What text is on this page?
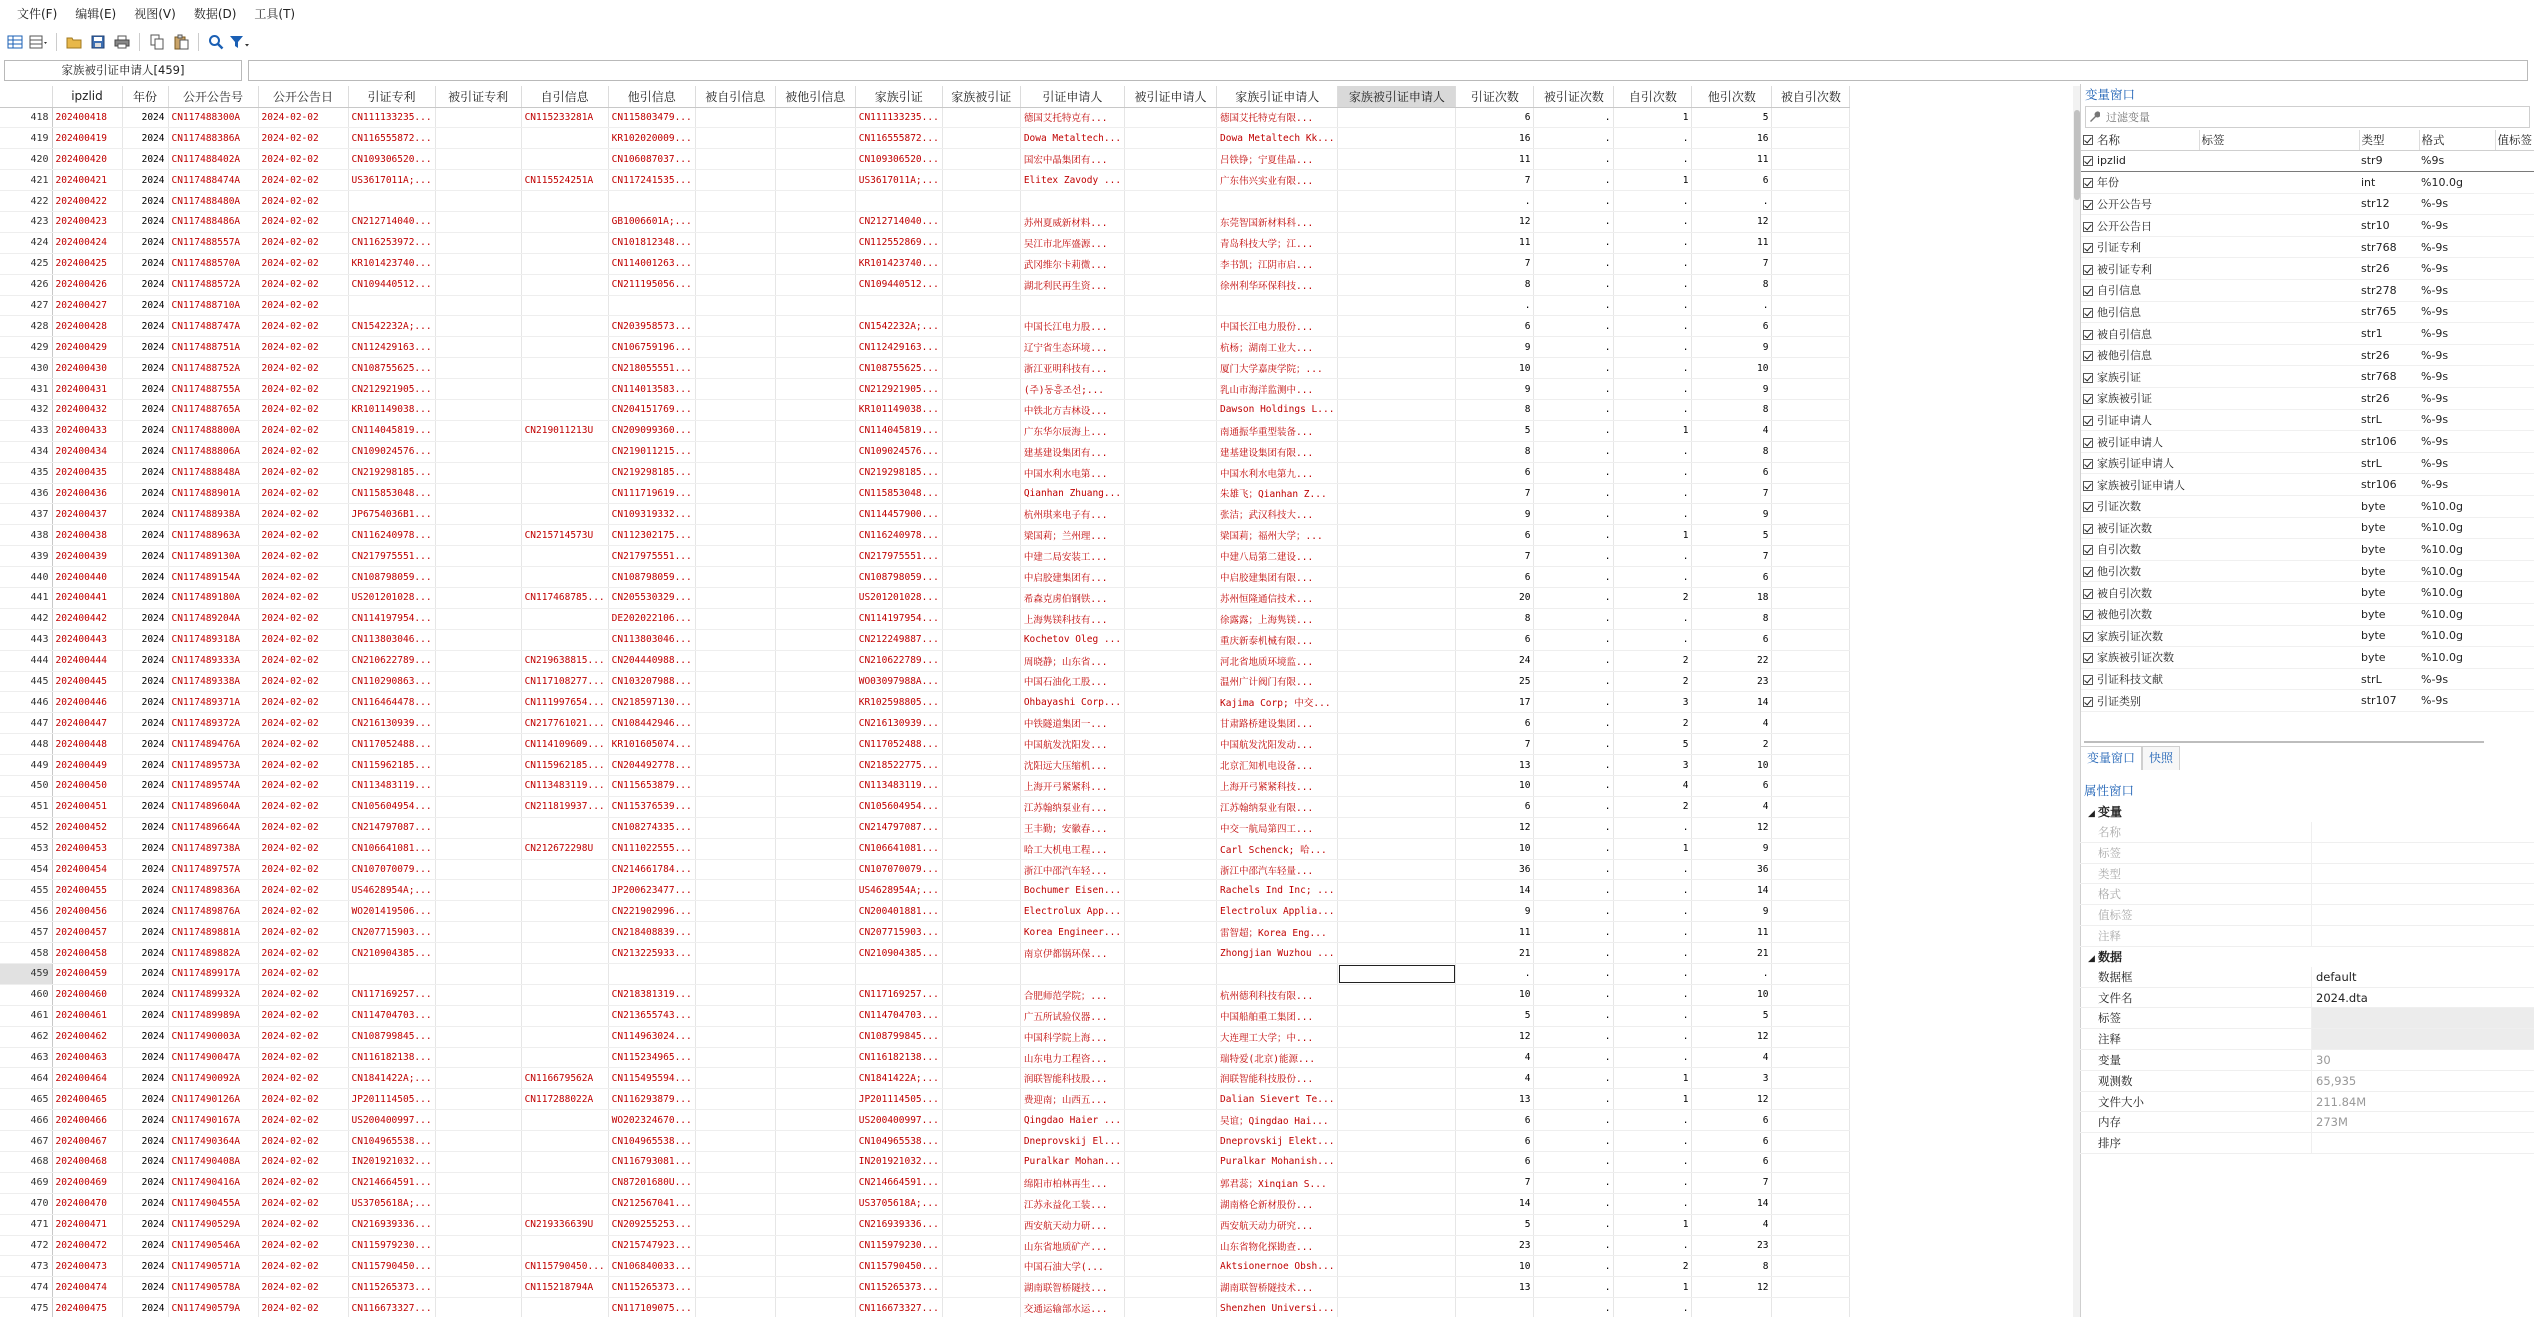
文件(F)	编辑(E)	视图(V)	数据(D)	工具(T)
家族被引证申请人[459]
	ipzlid	年份	公开公告号	公开公告日	引证专利	被引证专利	自引信息	他引信息	被自引信息	被他引信息	家族引证	家族被引证	引证申请人	被引证申请人	家族引证申请人	家族被引证申请人	引证次数	被引证次数	自引次数	他引次数	被自引次数
418	202400418	2024	CN117488300A	2024-02-02	CN111133235...		CN115233281A	CN115803479...			CN111133235...		德国艾托特克有...		德国艾托特克有限...		6	.	1	5	
419	202400419	2024	CN117488386A	2024-02-02	CN116555872...			KR102020009...			CN116555872...		Dowa Metaltech...		Dowa Metaltech Kk...		16	.	.	16	
420	202400420	2024	CN117488402A	2024-02-02	CN109306520...			CN106087037...			CN109306520...		国宏中晶集团有...		吕铁铮；宁夏佳晶...		11	.	.	11	
421	202400421	2024	CN117488474A	2024-02-02	US3617011A;...		CN115524251A	CN117241535...			US3617011A;...		Elitex Zavody ...		广东伟兴实业有限...		7	.	1	6	
422	202400422	2024	CN117488480A	2024-02-02													.	.	.	.	
423	202400423	2024	CN117488486A	2024-02-02	CN212714040...			GB1006601A;...			CN212714040...		苏州夏威新材料...		东莞智国新材料科...		12	.	.	12	
424	202400424	2024	CN117488557A	2024-02-02	CN116253972...			CN101812348...			CN112552869...		吴江市北厍盛源...		青岛科技大学；江...		11	.	.	11	
425	202400425	2024	CN117488570A	2024-02-02	KR101423740...			CN114001263...			KR101423740...		武冈维尔卡莉微...		李书凯；江阴市启...		7	.	.	7	
426	202400426	2024	CN117488572A	2024-02-02	CN109440512...			CN211195056...			CN109440512...		湖北利民再生资...		徐州利华环保科技...		8	.	.	8	
427	202400427	2024	CN117488710A	2024-02-02													.	.	.	.	
428	202400428	2024	CN117488747A	2024-02-02	CN1542232A;...			CN203958573...			CN1542232A;...		中国长江电力股...		中国长江电力股份...		6	.	.	6	
429	202400429	2024	CN117488751A	2024-02-02	CN112429163...			CN106759196...			CN112429163...		辽宁省生态环境...		杭杨；湖南工业大...		9	.	.	9	
430	202400430	2024	CN117488752A	2024-02-02	CN108755625...			CN218055551...			CN108755625...		浙江亚明科技有...		厦门大学嘉庚学院；...		10	.	.	10	
431	202400431	2024	CN117488755A	2024-02-02	CN212921905...			CN114013583...			CN212921905...		(주)동흥조선;...		乳山市海洋监测中...		9	.	.	9	
432	202400432	2024	CN117488765A	2024-02-02	KR101149038...			CN204151769...			KR101149038...		中铁北方吉林设...		Dawson Holdings L...		8	.	.	8	
433	202400433	2024	CN117488800A	2024-02-02	CN114045819...		CN219011213U	CN209099360...			CN114045819...		广东华尔辰海上...		南通振华重型装备...		5	.	1	4	
434	202400434	2024	CN117488806A	2024-02-02	CN109024576...			CN219011215...			CN109024576...		建基建设集团有...		建基建设集团有限...		8	.	.	8	
435	202400435	2024	CN117488848A	2024-02-02	CN219298185...			CN219298185...			CN219298185...		中国水利水电第...		中国水利水电第九...		6	.	.	6	
436	202400436	2024	CN117488901A	2024-02-02	CN115853048...			CN111719619...			CN115853048...		Qianhan Zhuang...		朱雄飞；Qianhan Z...		7	.	.	7	
437	202400437	2024	CN117488938A	2024-02-02	JP6754036B1...			CN109319332...			CN114457900...		杭州琪来电子有...		张洁；武汉科技大...		9	.	.	9	
438	202400438	2024	CN117488963A	2024-02-02	CN116240978...		CN215714573U	CN112302175...			CN116240978...		梁国莉；兰州理...		梁国莉；福州大学；...		6	.	1	5	
439	202400439	2024	CN117489130A	2024-02-02	CN217975551...			CN217975551...			CN217975551...		中建二局安装工...		中建八局第二建设...		7	.	.	7	
440	202400440	2024	CN117489154A	2024-02-02	CN108798059...			CN108798059...			CN108798059...		中启胶建集团有...		中启胶建集团有限...		6	.	.	6	
441	202400441	2024	CN117489180A	2024-02-02	US201201028...		CN117468785...	CN205530329...			US201201028...		希森克虏伯钢铁...		苏州恒隆通信技术...		20	.	2	18	
442	202400442	2024	CN117489204A	2024-02-02	CN114197954...			DE202022106...			CN114197954...		上海隽镁科技有...		徐露露；上海隽镁...		8	.	.	8	
443	202400443	2024	CN117489318A	2024-02-02	CN113803046...			CN113803046...			CN212249887...		Kochetov Oleg ...		重庆新泰机械有限...		6	.	.	6	
444	202400444	2024	CN117489333A	2024-02-02	CN210622789...		CN219638815...	CN204440988...			CN210622789...		周晓静；山东省...		河北省地质环境监...		24	.	2	22	
445	202400445	2024	CN117489338A	2024-02-02	CN110290863...		CN117108277...	CN103207988...			WO03097988A...		中国石油化工股...		温州广计阀门有限...		25	.	2	23	
446	202400446	2024	CN117489371A	2024-02-02	CN116464478...		CN111997654...	CN218597130...			KR102598805...		Ohbayashi Corp...		Kajima Corp; 中交...		17	.	3	14	
447	202400447	2024	CN117489372A	2024-02-02	CN216130939...		CN217761021...	CN108442946...			CN216130939...		中铁隧道集团一...		甘肃路桥建设集团...		6	.	2	4	
448	202400448	2024	CN117489476A	2024-02-02	CN117052488...		CN114109609...	KR101605074...			CN117052488...		中国航发沈阳发...		中国航发沈阳发动...		7	.	5	2	
449	202400449	2024	CN117489573A	2024-02-02	CN115962185...		CN115962185...	CN204492778...			CN218522775...		沈阳远大压缩机...		北京汇知机电设备...		13	.	3	10	
450	202400450	2024	CN117489574A	2024-02-02	CN113483119...		CN113483119...	CN115653879...			CN113483119...		上海开弓紧紧科...		上海开弓紧紧科技...		10	.	4	6	
451	202400451	2024	CN117489604A	2024-02-02	CN105604954...		CN211819937...	CN115376539...			CN105604954...		江苏翰纳泵业有...		江苏翰纳泵业有限...		6	.	2	4	
452	202400452	2024	CN117489664A	2024-02-02	CN214797087...			CN108274335...			CN214797087...		王丰勤；安徽春...		中交一航局第四工...		12	.	.	12	
453	202400453	2024	CN117489738A	2024-02-02	CN106641081...		CN212672298U	CN111022555...			CN106641081...		哈工大机电工程...		Carl Schenck; 哈...		10	.	1	9	
454	202400454	2024	CN117489757A	2024-02-02	CN107070079...			CN214661784...			CN107070079...		浙江中邵汽车轻...		浙江中邵汽车轻量...		36	.	.	36	
455	202400455	2024	CN117489836A	2024-02-02	US4628954A;...			JP200623477...			US4628954A;...		Bochumer Eisen...		Rachels Ind Inc; ...		14	.	.	14	
456	202400456	2024	CN117489876A	2024-02-02	WO201419506...			CN221902996...			CN200401881...		Electrolux App...		Electrolux Applia...		9	.	.	9	
457	202400457	2024	CN117489881A	2024-02-02	CN207715903...			CN218408839...			CN207715903...		Korea Engineer...		雷智超；Korea Eng...		11	.	.	11	
458	202400458	2024	CN117489882A	2024-02-02	CN210904385...			CN213225933...			CN210904385...		南京伊都锅环保...		Zhongjian Wuzhou ...		21	.	.	21	
459	202400459	2024	CN117489917A	2024-02-02													.	.	.	.	
460	202400460	2024	CN117489932A	2024-02-02	CN117169257...			CN218381319...			CN117169257...		合肥师范学院；...		杭州德利科技有限...		10	.	.	10	
461	202400461	2024	CN117489989A	2024-02-02	CN114704703...			CN213655743...			CN114704703...		广五所试验仪器...		中国船舶重工集团...		5	.	.	5	
462	202400462	2024	CN117490003A	2024-02-02	CN108799845...			CN114963024...			CN108799845...		中国科学院上海...		大连理工大学；中...		12	.	.	12	
463	202400463	2024	CN117490047A	2024-02-02	CN116182138...			CN115234965...			CN116182138...		山东电力工程咨...		瑞特爱(北京)能源...		4	.	.	4	
464	202400464	2024	CN117490092A	2024-02-02	CN1841422A;...		CN116679562A	CN115495594...			CN1841422A;...		润联智能科技股...		润联智能科技股份...		4	.	1	3	
465	202400465	2024	CN117490126A	2024-02-02	JP201114505...		CN117288022A	CN116293879...			JP201114505...		费迎南；山西五...		Dalian Sievert Te...		13	.	1	12	
466	202400466	2024	CN117490167A	2024-02-02	US200400997...			WO202324670...			US200400997...		Qingdao Haier ...		吴谊；Qingdao Hai...		6	.	.	6	
467	202400467	2024	CN117490364A	2024-02-02	CN104965538...			CN104965538...			CN104965538...		Dneprovskij El...		Dneprovskij Elekt...		6	.	.	6	
468	202400468	2024	CN117490408A	2024-02-02	IN201921032...			CN116793081...			IN201921032...		Puralkar Mohan...		Puralkar Mohanish...		6	.	.	6	
469	202400469	2024	CN117490416A	2024-02-02	CN214664591...			CN87201680U...			CN214664591...		绵阳市柏林再生...		郭君蕊；Xinqian S...		7	.	.	7	
470	202400470	2024	CN117490455A	2024-02-02	US3705618A;...			CN212567041...			US3705618A;...		江苏永益化工装...		湖南格仑新材股份...		14	.	.	14	
471	202400471	2024	CN117490529A	2024-02-02	CN216939336...		CN219336639U	CN209255253...			CN216939336...		西安航天动力研...		西安航天动力研究...		5	.	1	4	
472	202400472	2024	CN117490546A	2024-02-02	CN115979230...			CN215747923...			CN115979230...		山东省地质矿产...		山东省物化探勘查...		23	.	.	23	
473	202400473	2024	CN117490571A	2024-02-02	CN115790450...		CN115790450...	CN106840033...			CN115790450...		中国石油大学(...		Aktsionernoe Obsh...		10	.	2	8	
474	202400474	2024	CN117490578A	2024-02-02	CN115265373...		CN115218794A	CN115265373...			CN115265373...		湖南联智桥隧技...		湖南联智桥隧技术...		13	.	1	12	
475	202400475	2024	CN117490579A	2024-02-02	CN116673327...			CN117109075...			CN116673327...		交通运输部水运...		Shenzhen Universi...			.	.		
变量窗口
过滤变量
名称	标签	类型	格式	值标签
ipzlid		str9	%9s	
年份		int	%10.0g	
公开公告号		str12	%-9s	
公开公告日		str10	%-9s	
引证专利		str768	%-9s	
被引证专利		str26	%-9s	
自引信息		str278	%-9s	
他引信息		str765	%-9s	
被自引信息		str1	%-9s	
被他引信息		str26	%-9s	
家族引证		str768	%-9s	
家族被引证		str26	%-9s	
引证申请人		strL	%-9s	
被引证申请人		str106	%-9s	
家族引证申请人		strL	%-9s	
家族被引证申请人		str106	%-9s	
引证次数		byte	%10.0g	
被引证次数		byte	%10.0g	
自引次数		byte	%10.0g	
他引次数		byte	%10.0g	
被自引次数		byte	%10.0g	
被他引次数		byte	%10.0g	
家族引证次数		byte	%10.0g	
家族被引证次数		byte	%10.0g	
引证科技文献		strL	%-9s	
引证类别		str107	%-9s	
变量窗口	快照
属性窗口
◢ 变量
名称
标签
类型
格式
值标签
注释
◢ 数据
数据框	default
文件名	2024.dta
标签
注释
变量	30
观测数	65,935
文件大小	211.84M
内存	273M
排序
